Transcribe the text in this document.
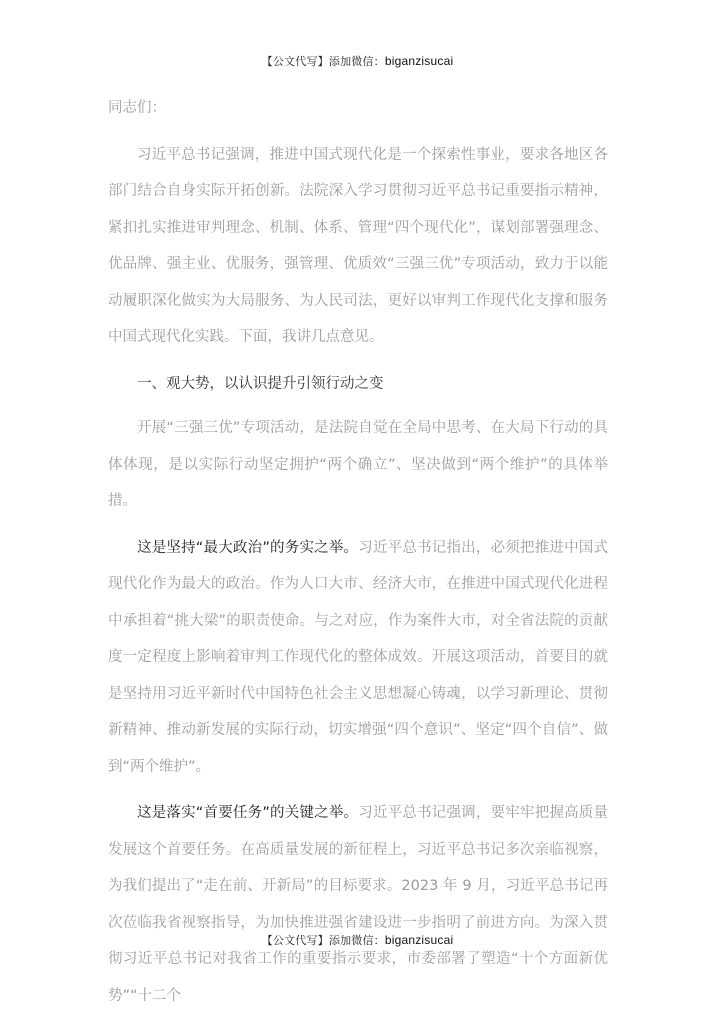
【公文代写】添加微信：biganzisucai

同志们：

习近平总书记强调，推进中国式现代化是一个探索性事业，要求各地区各部门结合自身实际开拓创新。法院深入学习贯彻习近平总书记重要指示精神，紧扣扎实推进审判理念、机制、体系、管理“四个现代化”，谋划部署强理念、优品牌、强主业、优服务，强管理、优质效“三强三优”专项活动，致力于以能动履职深化做实为大局服务、为人民司法，更好以审判工作现代化支撑和服务中国式现代化实践。下面，我讲几点意见。

一、观大势，以认识提升引领行动之变

开展“三强三优”专项活动，是法院自觉在全局中思考、在大局下行动的具体体现，是以实际行动坚定拥护“两个确立”、坚决做到“两个维护”的具体举措。

这是坚持“最大政治”的务实之举。习近平总书记指出，必须把推进中国式现代化作为最大的政治。作为人口大市、经济大市，在推进中国式现代化进程中承担着“挑大梁”的职责使命。与之对应，作为案件大市，对全省法院的贡献度一定程度上影响着审判工作现代化的整体成效。开展这项活动，首要目的就是坚持用习近平新时代中国特色社会主义思想凝心铸魂，以学习新理论、贯彻新精神、推动新发展的实际行动，切实增强“四个意识”、坚定“四个自信”、做到“两个维护”。

这是落实“首要任务”的关键之举。习近平总书记强调，要牢牢把握高质量发展这个首要任务。在高质量发展的新征程上，习近平总书记多次亲临视察，为我们提出了“走在前、开新局”的目标要求。2023 年 9 月，习近平总书记再次莅临我省视察指导，为加快推进强省建设进一步指明了前进方向。为深入贯彻习近平总书记对我省工作的重要指示要求，市委部署了塑造“十个方面新优势”“十二个

【公文代写】添加微信：biganzisucai
